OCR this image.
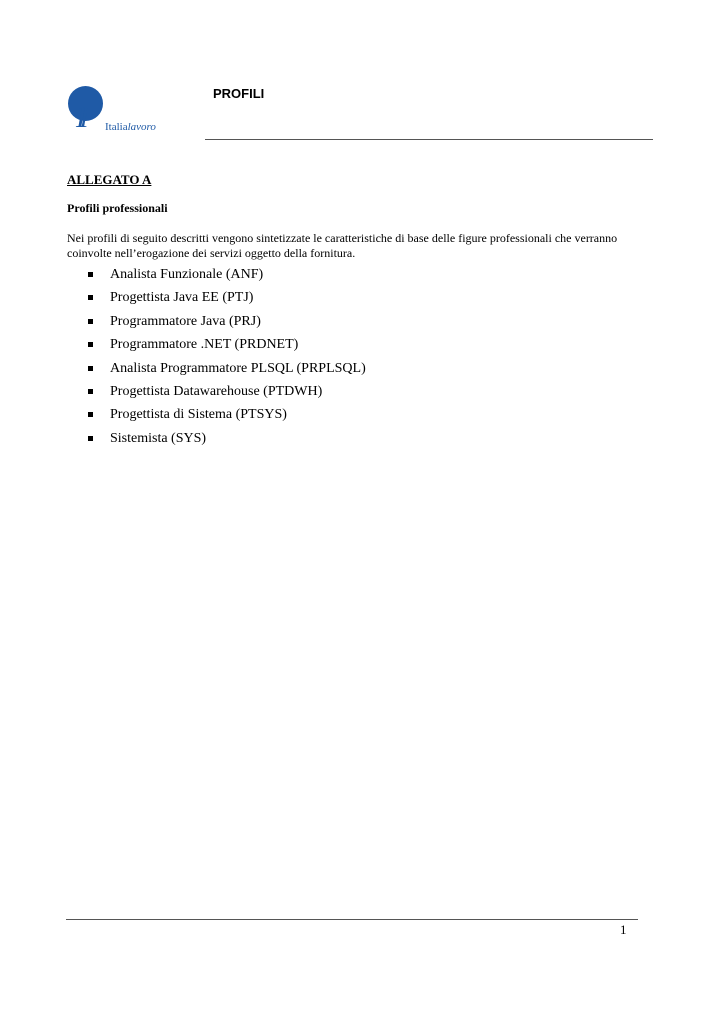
Il Italialavoro
PROFILI
ALLEGATO A
Profili professionali
Nei profili di seguito descritti vengono sintetizzate le caratteristiche di base delle figure professionali che verranno coinvolte nell’erogazione dei servizi oggetto della fornitura.
Analista Funzionale (ANF)
Progettista Java EE (PTJ)
Programmatore Java (PRJ)
Programmatore .NET (PRDNET)
Analista Programmatore PLSQL (PRPLSQL)
Progettista Datawarehouse (PTDWH)
Progettista di Sistema (PTSYS)
Sistemista (SYS)
1
